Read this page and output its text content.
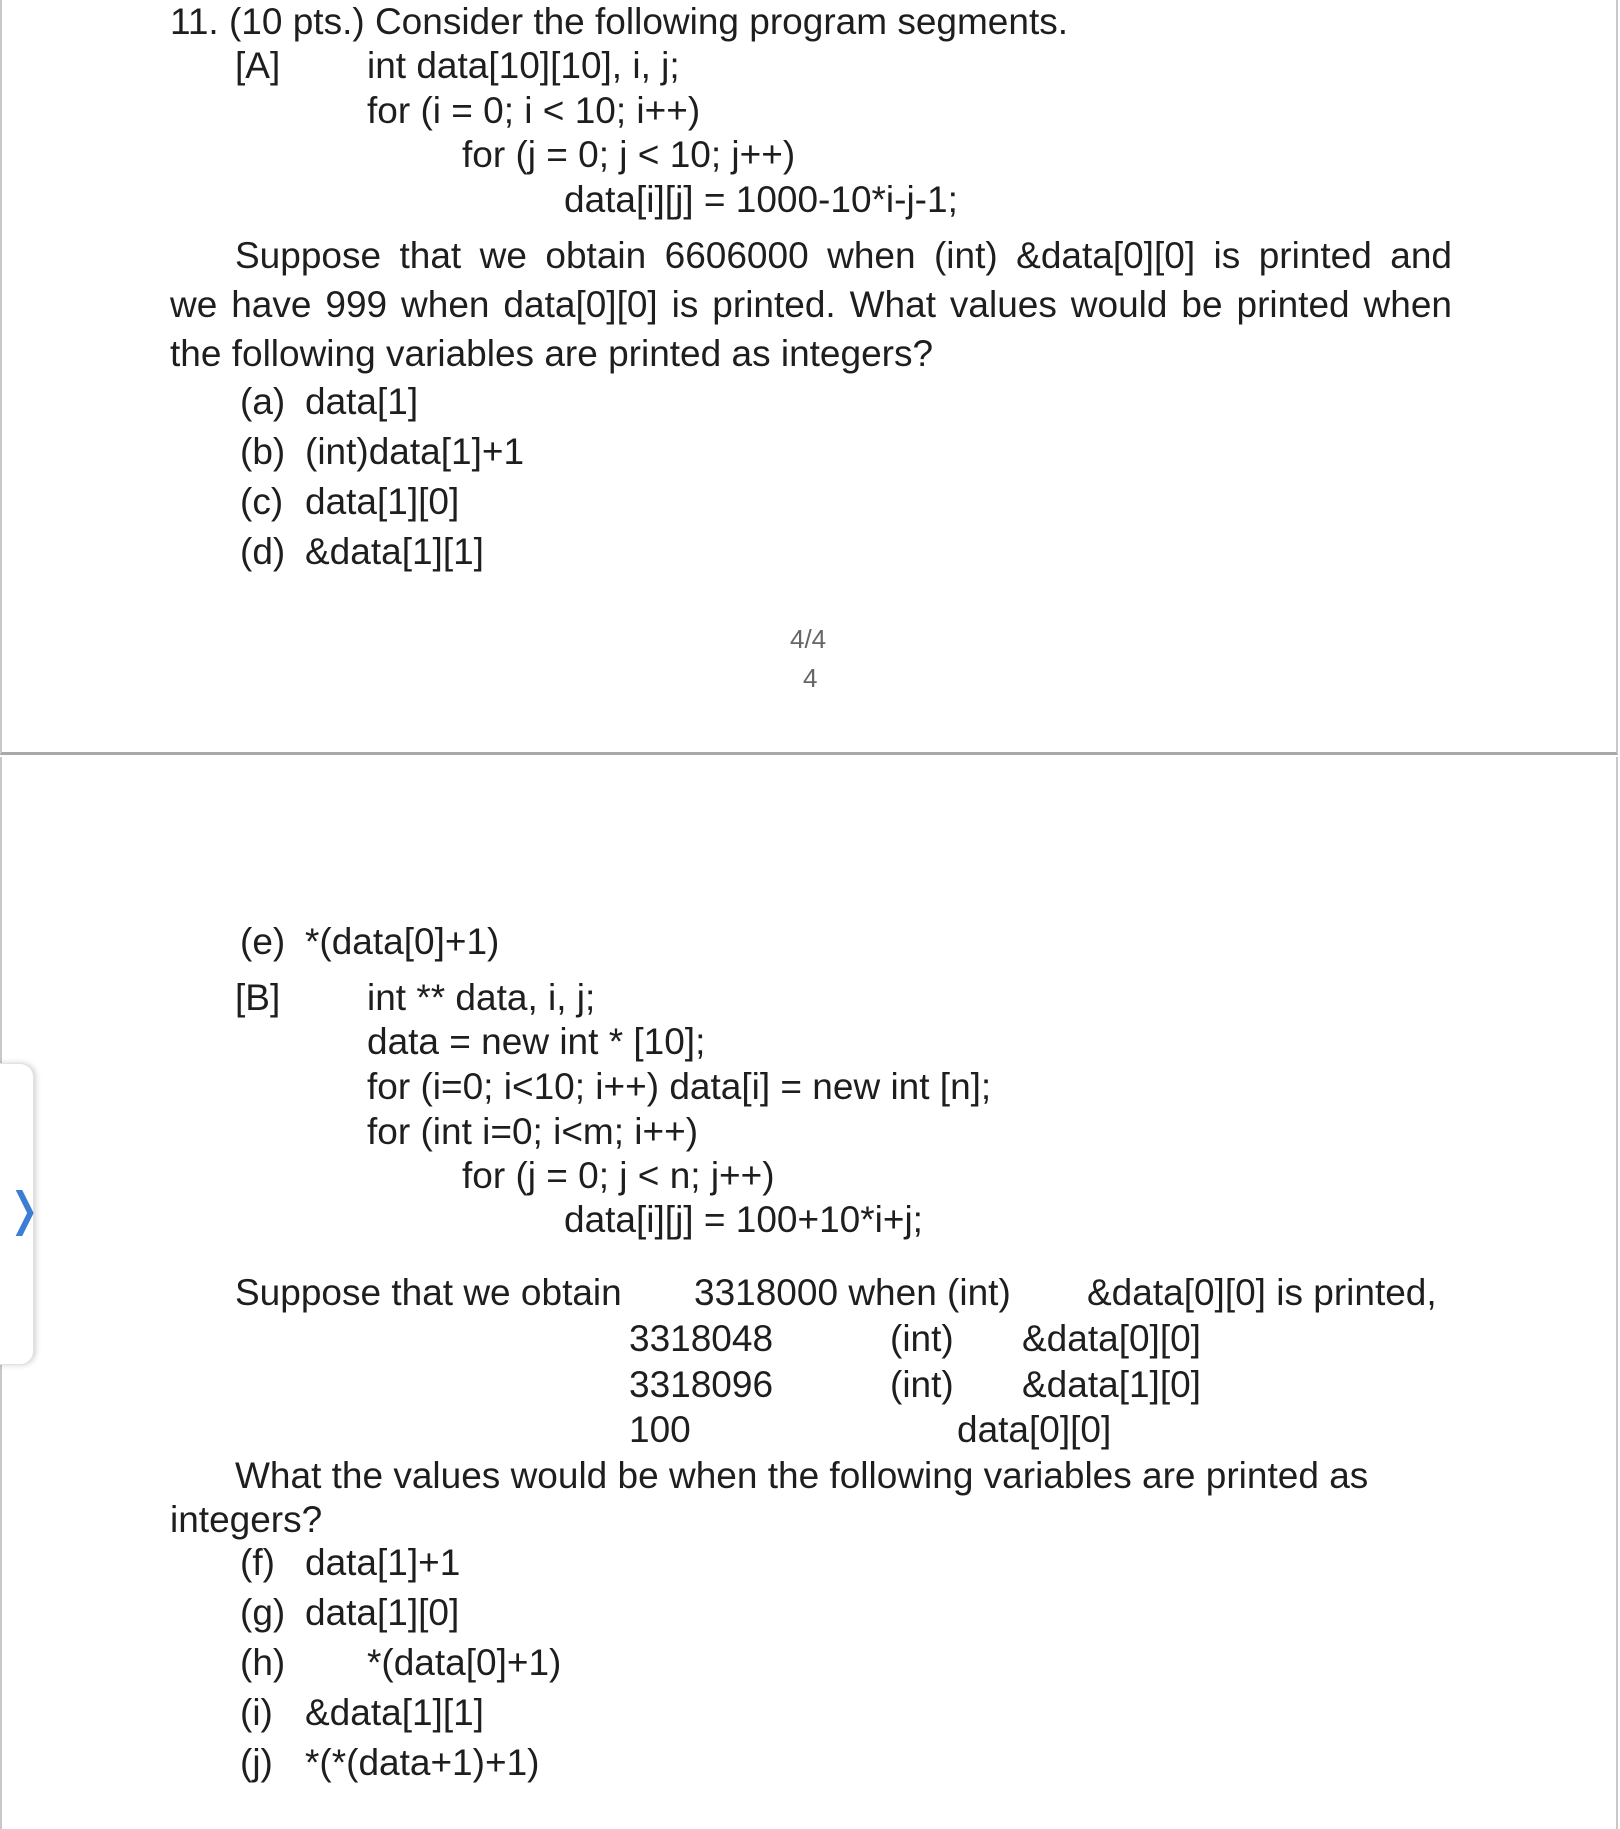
11. (10 pts.) Consider the following program segments.
[A] int data[10][10], i, j;
for (i = 0; i < 10; i++)
for (j = 0; j < 10; j++)
data[i][j] = 1000-10*i-j-1;
Suppose that we obtain 6606000 when (int) &data[0][0] is printed and
we have 999 when data[0][0] is printed. What values would be printed when
the following variables are printed as integers?
(a) data[1]
(b) (int)data[1]+1
(c) data[1][0]
(d) &data[1][1]
4/4
4
(e) *(data[0]+1)
[B] int ** data, i, j;
data = new int * [10];
for (i=0; i<10; i++) data[i] = new int [n];
for (int i=0; i<m; i++)
for (j = 0; j < n; j++)
data[i][j] = 100+10*i+j;
Suppose that we obtain 3318000 when (int) &data[0][0] is printed,
3318048	(int) &data[0][0]
3318096	(int) &data[1][0]
100	data[0][0]
What the values would be when the following variables are printed as
integers?
(f) data[1]+1
(g) data[1][0]
(h) *(data[0]+1)
(i) &data[1][1]
(j) *(*(data+1)+1)
❭
